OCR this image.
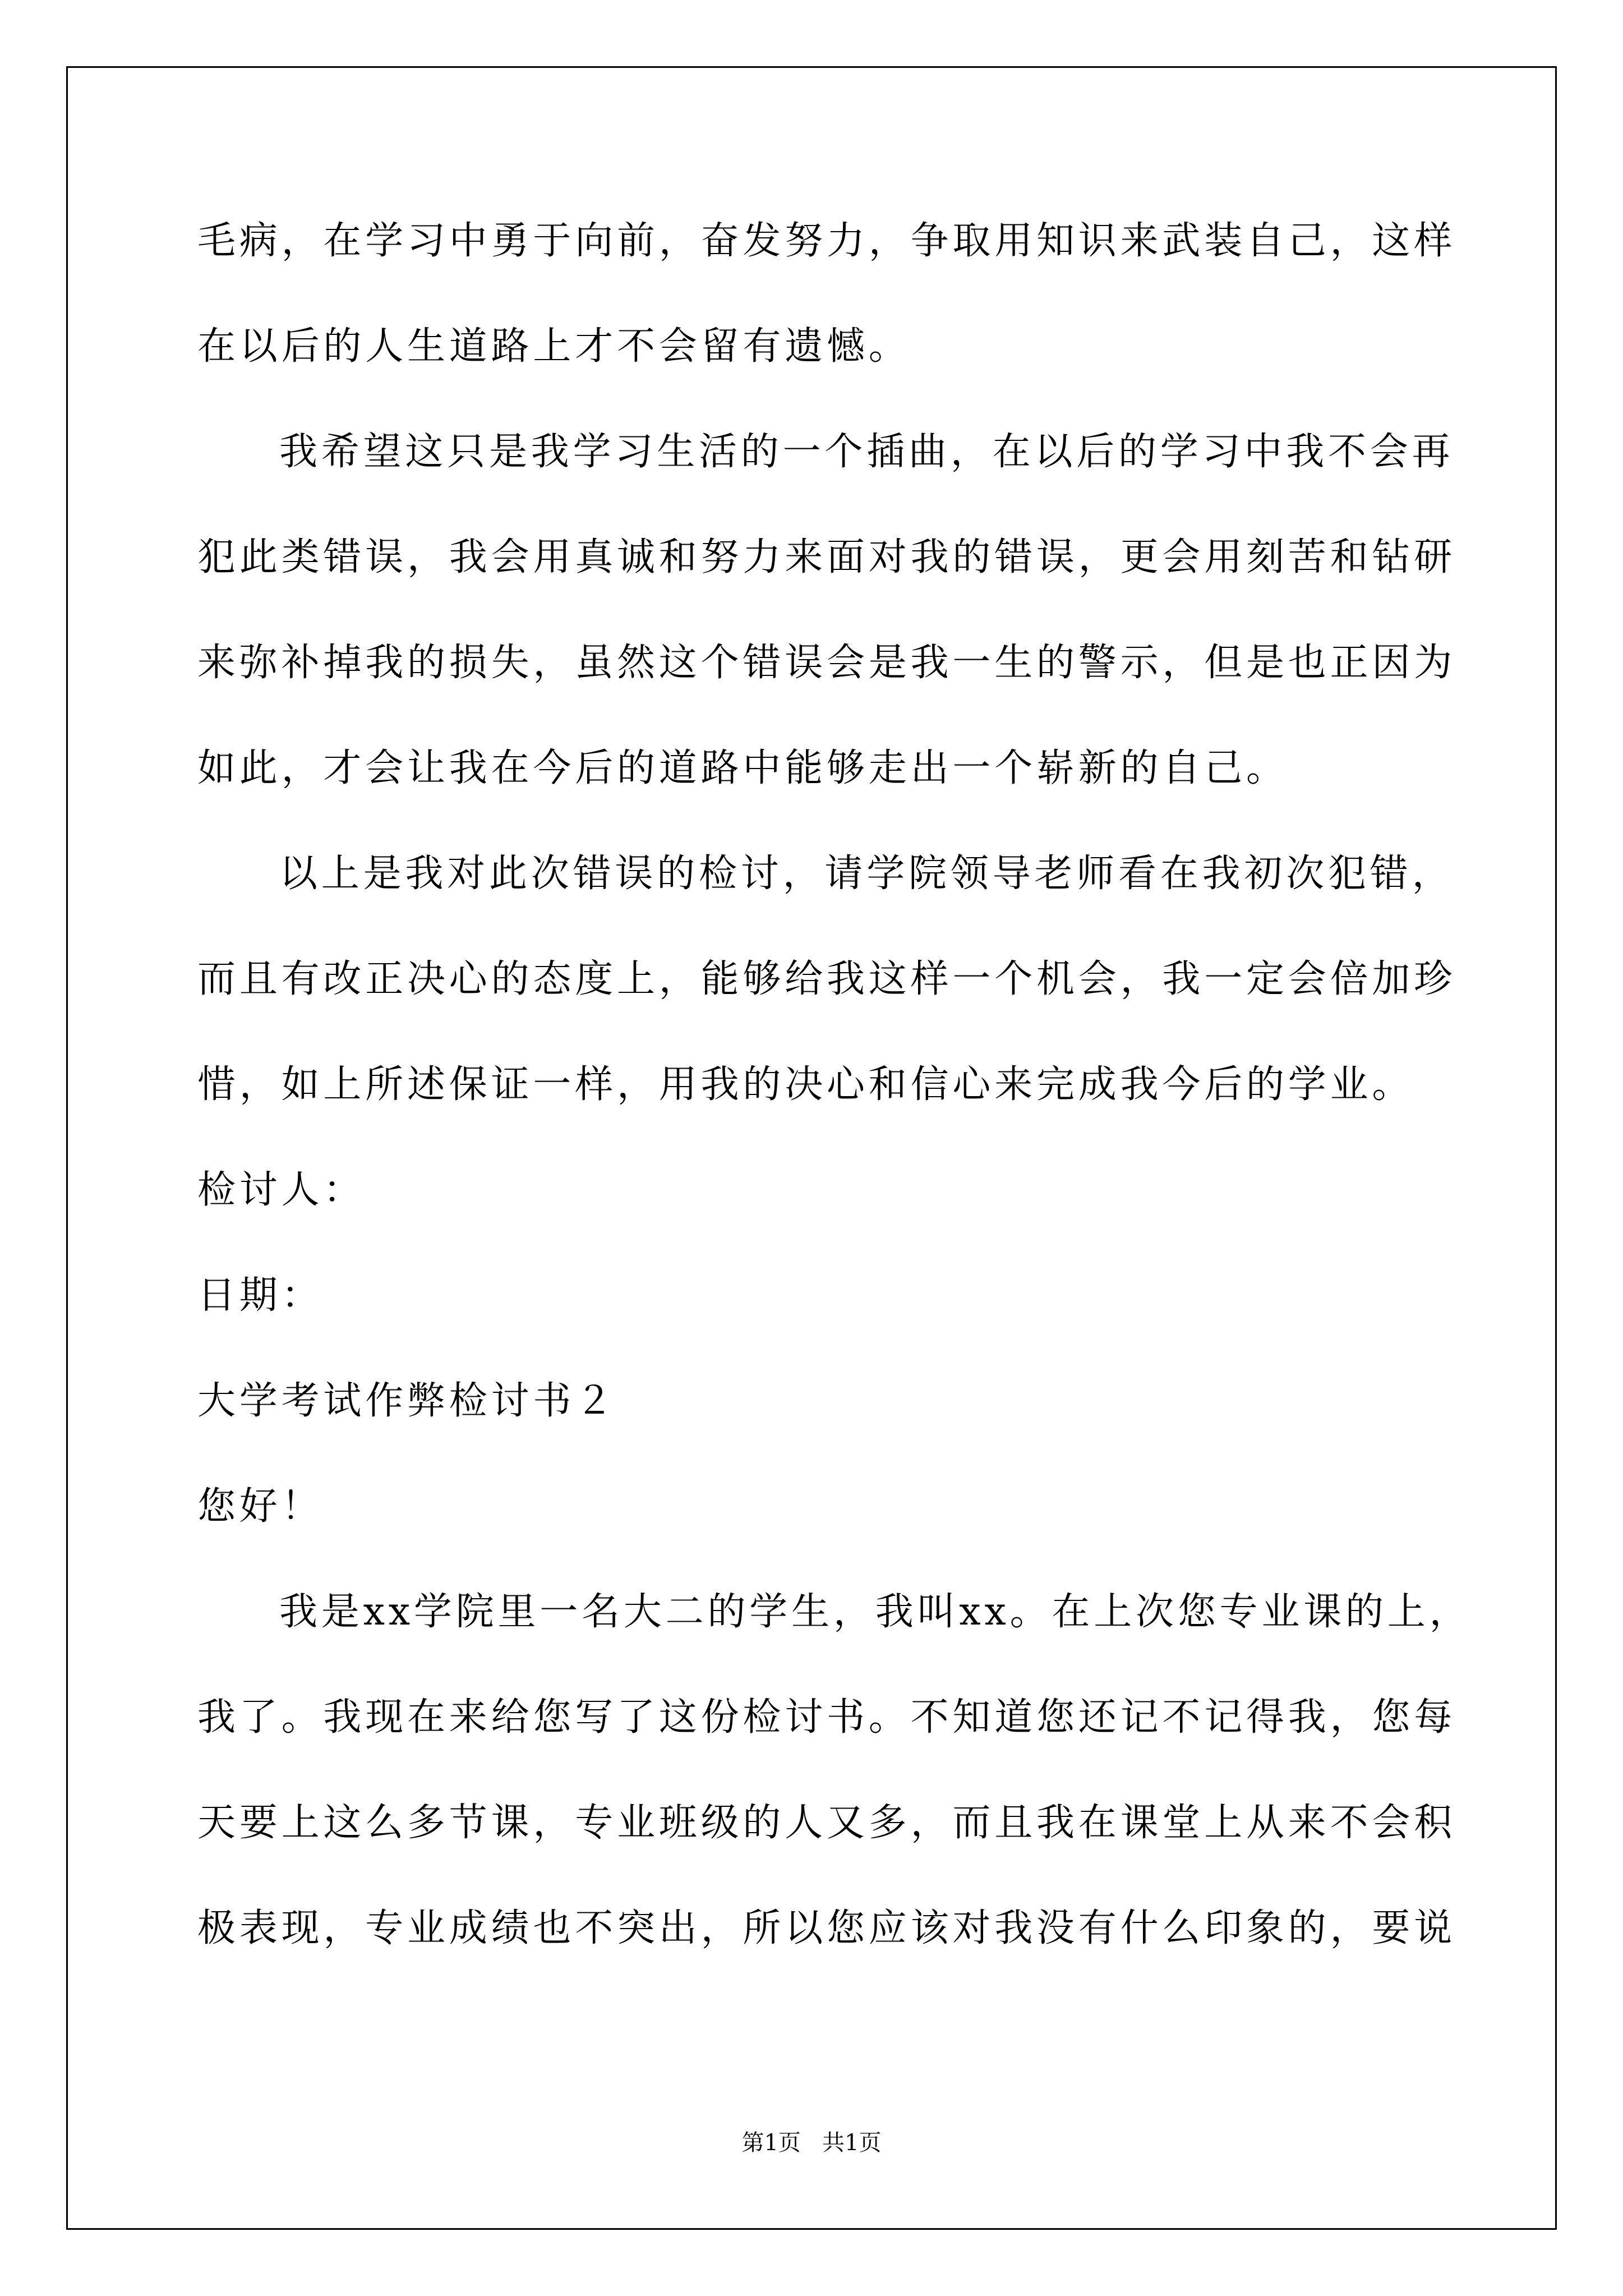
毛病，在学习中勇于向前，奋发努力，争取用知识来武装自己，这样
在以后的人生道路上才不会留有遗憾。
我希望这只是我学习生活的一个插曲，在以后的学习中我不会再
犯此类错误，我会用真诚和努力来面对我的错误，更会用刻苦和钻研
来弥补掉我的损失，虽然这个错误会是我一生的警示，但是也正因为
如此，才会让我在今后的道路中能够走出一个崭新的自己。
以上是我对此次错误的检讨，请学院领导老师看在我初次犯错，
而且有改正决心的态度上，能够给我这样一个机会，我一定会倍加珍
惜，如上所述保证一样，用我的决心和信心来完成我今后的学业。
检讨人：
日期：
大学考试作弊检讨书２
您好！
我是xx学院里一名大二的学生，我叫xx。在上次您专业课的上，
我了。我现在来给您写了这份检讨书。不知道您还记不记得我，您每
天要上这么多节课，专业班级的人又多，而且我在课堂上从来不会积
极表现，专业成绩也不突出，所以您应该对我没有什么印象的，要说
第1页   共1页
